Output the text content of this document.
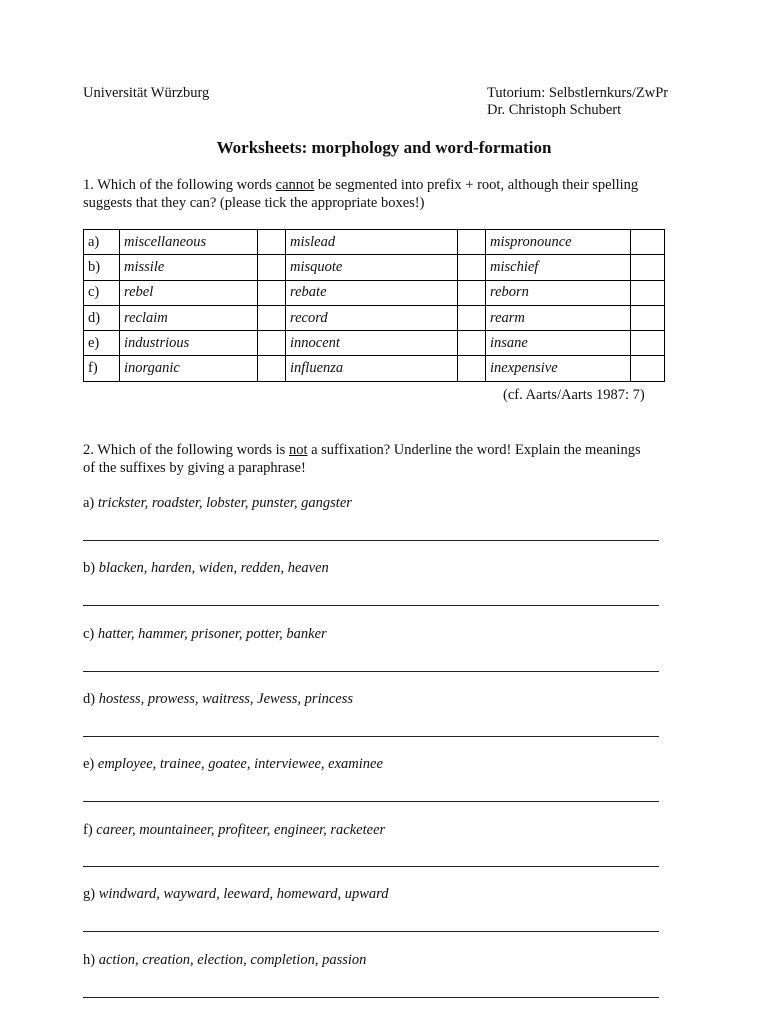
Universität Würzburg	Tutorium: Selbstlernkurs/ZwPr
Dr. Christoph Schubert
Worksheets: morphology and word-formation
1. Which of the following words cannot be segmented into prefix + root, although their spelling
suggests that they can? (please tick the appropriate boxes!)
a)	miscellaneous		mislead		mispronounce	
b)	missile		misquote		mischief	
c)	rebel		rebate		reborn	
d)	reclaim		record		rearm	
e)	industrious		innocent		insane	
f)	inorganic		influenza		inexpensive	
(cf. Aarts/Aarts 1987: 7)
2. Which of the following words is not a suffixation? Underline the word! Explain the meanings
of the suffixes by giving a paraphrase!
a) trickster, roadster, lobster, punster, gangster
b) blacken, harden, widen, redden, heaven
c) hatter, hammer, prisoner, potter, banker
d) hostess, prowess, waitress, Jewess, princess
e) employee, trainee, goatee, interviewee, examinee
f) career, mountaineer, profiteer, engineer, racketeer
g) windward, wayward, leeward, homeward, upward
h) action, creation, election, completion, passion
